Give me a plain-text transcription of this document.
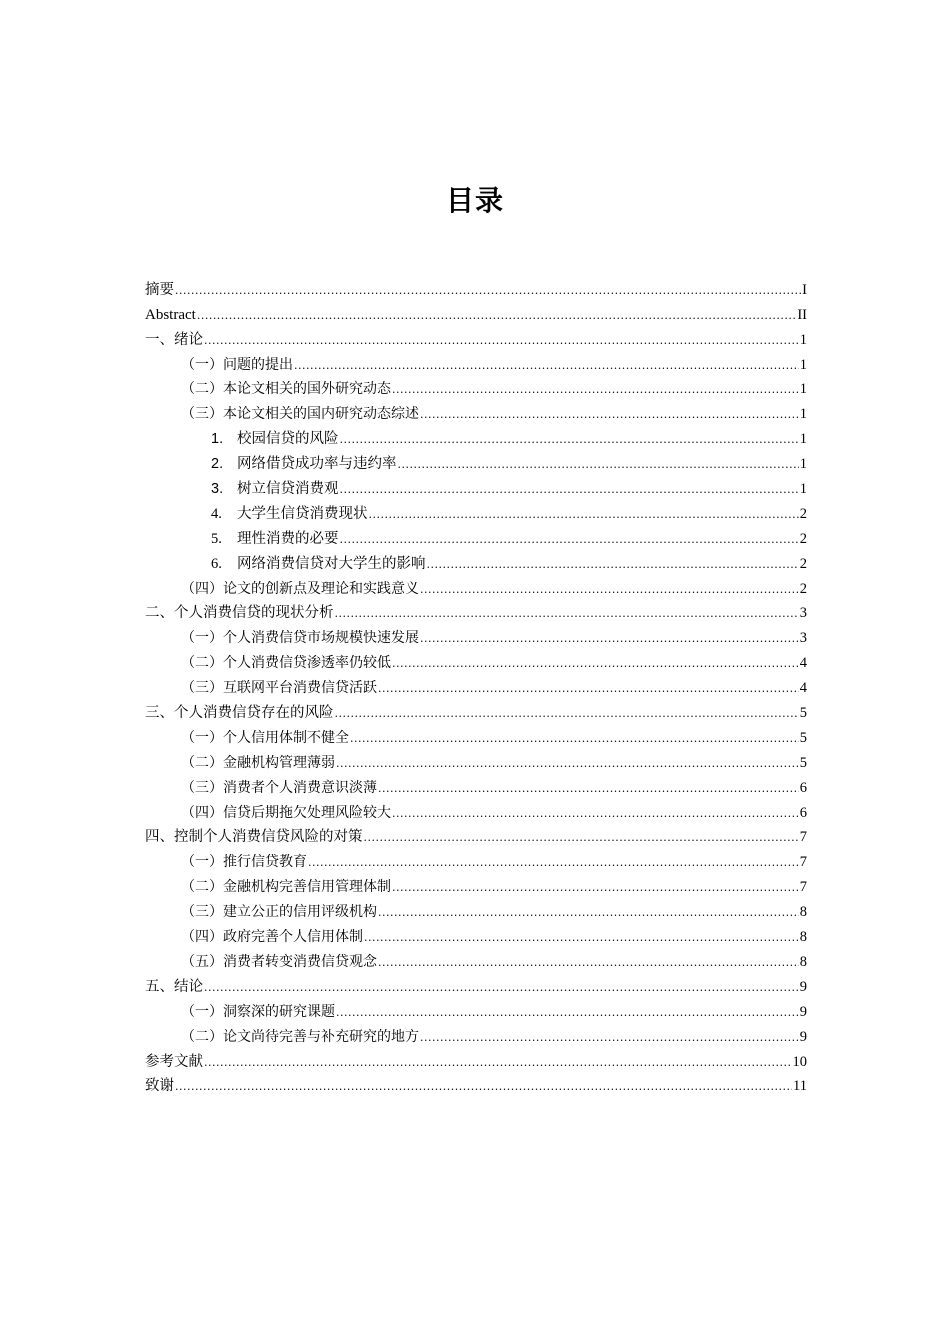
目录
摘要 .....	I
Abstract .....	II
一、绪论 .....	1
（一）问题的提出 .....	1
（二）本论文相关的国外研究动态 .....	1
（三）本论文相关的国内研究动态综述 .....	1
1. 校园信贷的风险 .....	1
2. 网络借贷成功率与违约率 .....	1
3. 树立信贷消费观 .....	1
4. 大学生信贷消费现状 .....	2
5. 理性消费的必要 .....	2
6. 网络消费信贷对大学生的影响 .....	2
（四）论文的创新点及理论和实践意义 .....	2
二、个人消费信贷的现状分析 .....	3
（一）个人消费信贷市场规模快速发展 .....	3
（二）个人消费信贷渗透率仍较低 .....	4
（三）互联网平台消费信贷活跃 .....	4
三、个人消费信贷存在的风险 .....	5
（一）个人信用体制不健全 .....	5
（二）金融机构管理薄弱 .....	5
（三）消费者个人消费意识淡薄 .....	6
（四）信贷后期拖欠处理风险较大 .....	6
四、控制个人消费信贷风险的对策 .....	7
（一）推行信贷教育 .....	7
（二）金融机构完善信用管理体制 .....	7
（三）建立公正的信用评级机构 .....	8
（四）政府完善个人信用体制 .....	8
（五）消费者转变消费信贷观念 .....	8
五、结论 .....	9
（一）洞察深的研究课题 .....	9
（二）论文尚待完善与补充研究的地方 .....	9
参考文献 .....	10
致谢 .....	11
